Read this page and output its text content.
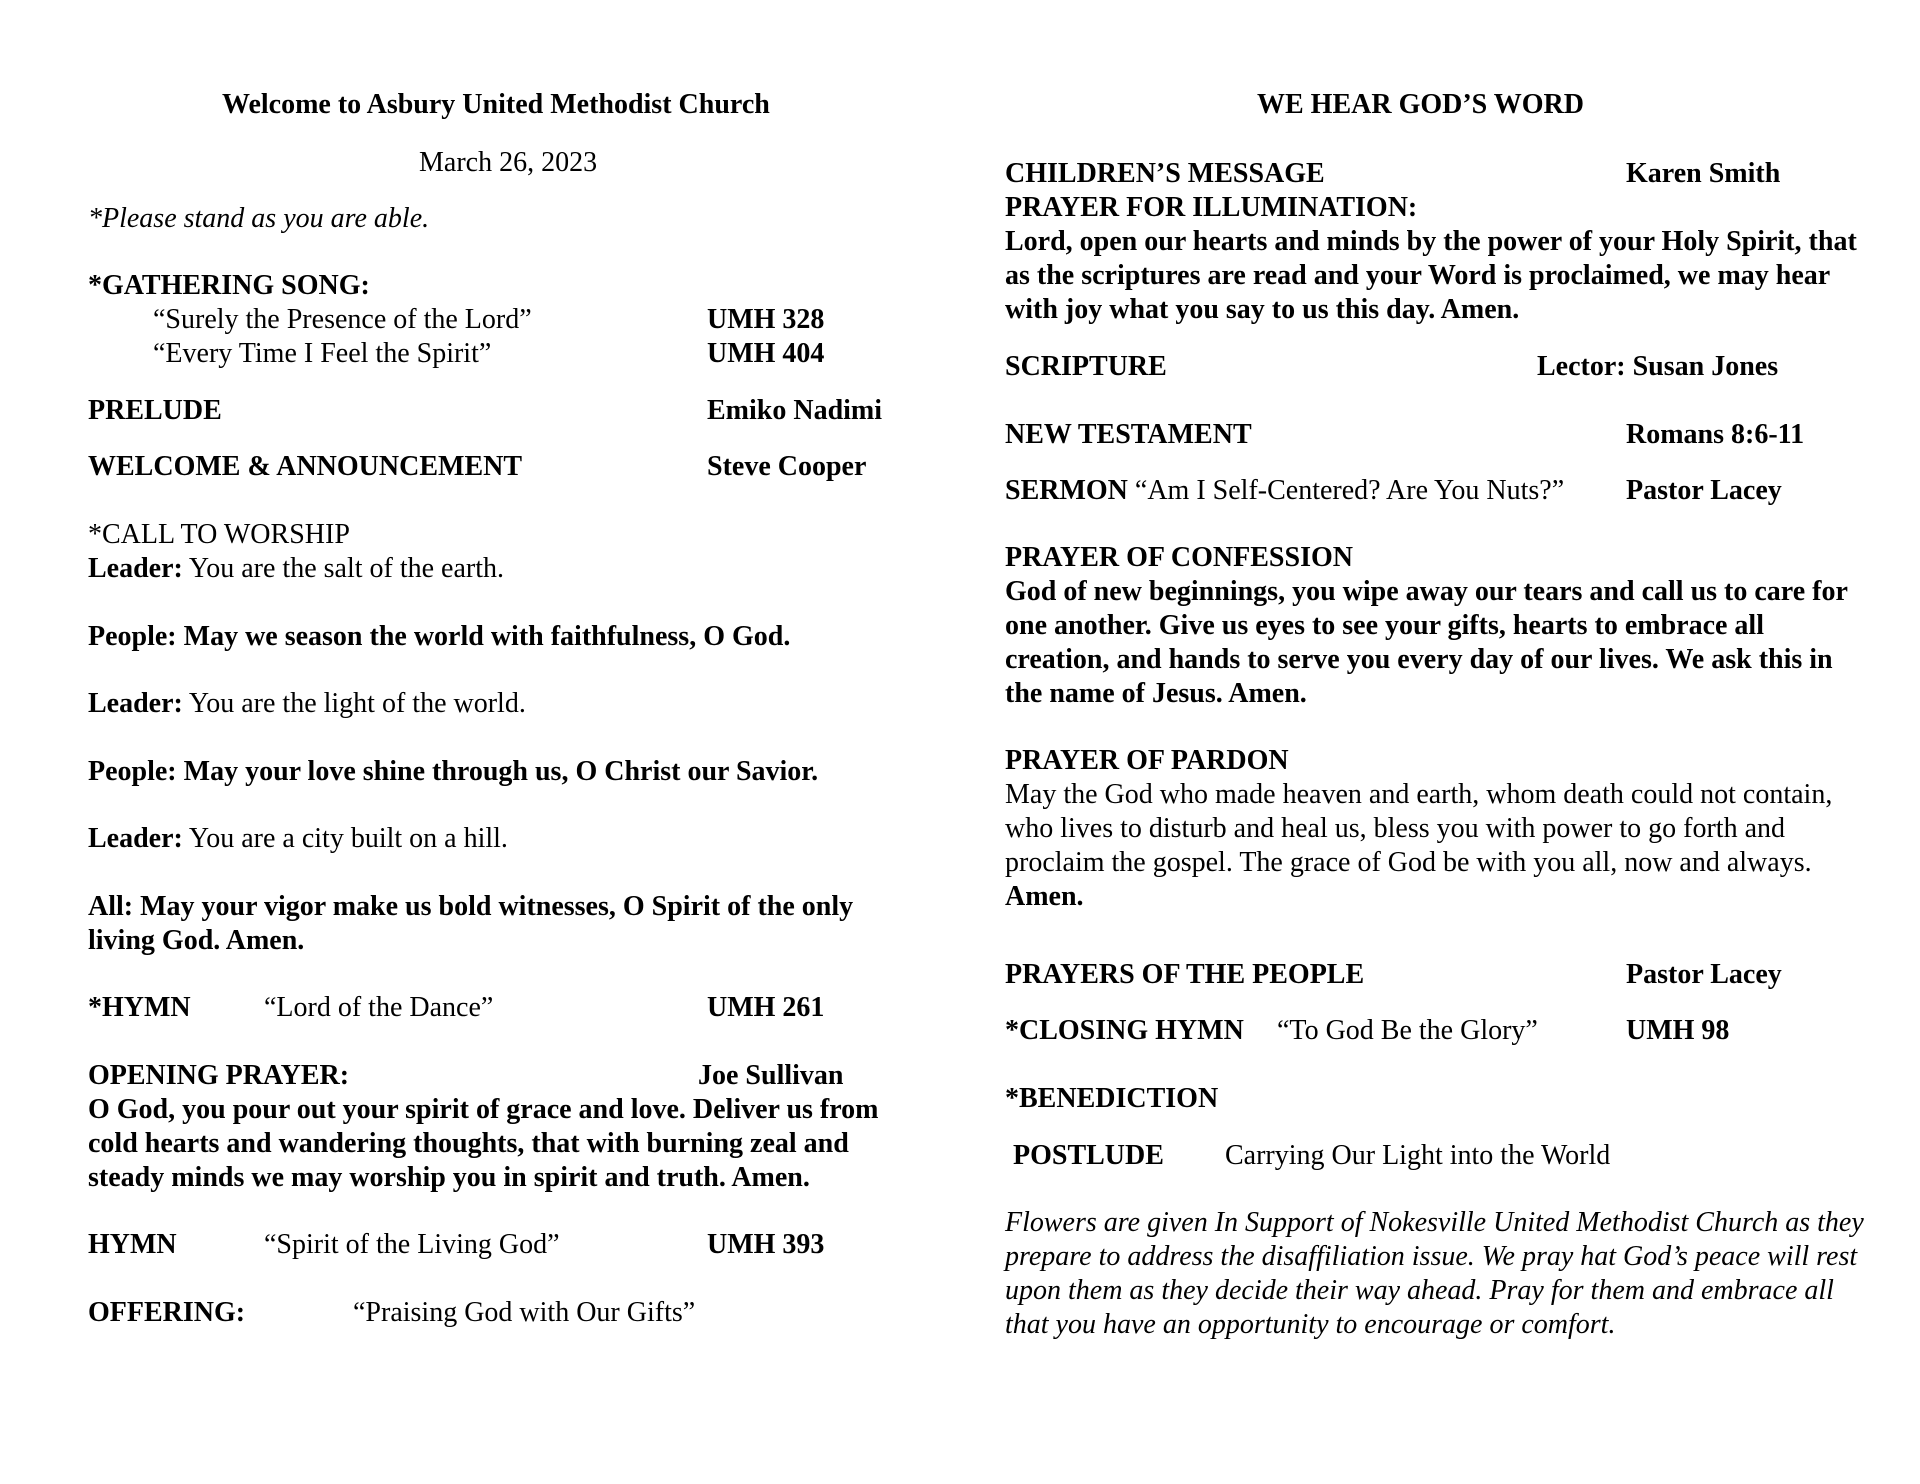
Welcome to Asbury United Methodist Church
March 26, 2023
*Please stand as you are able.
*GATHERING SONG:
“Surely the Presence of the Lord”	UMH 328
“Every Time I Feel the Spirit”	UMH 404
PRELUDE	Emiko Nadimi
WELCOME & ANNOUNCEMENT	Steve Cooper
*CALL TO WORSHIP
Leader: You are the salt of the earth.
People: May we season the world with faithfulness, O God.
Leader: You are the light of the world.
People: May your love shine through us, O Christ our Savior.
Leader: You are a city built on a hill.
All: May your vigor make us bold witnesses, O Spirit of the only living God. Amen.
*HYMN	“Lord of the Dance”	UMH 261
OPENING PRAYER:	Joe Sullivan
O God, you pour out your spirit of grace and love. Deliver us from cold hearts and wandering thoughts, that with burning zeal and steady minds we may worship you in spirit and truth. Amen.
HYMN	“Spirit of the Living God”	UMH 393
OFFERING:	“Praising God with Our Gifts”
WE HEAR GOD’S WORD
CHILDREN’S MESSAGE	Karen Smith
PRAYER FOR ILLUMINATION:
Lord, open our hearts and minds by the power of your Holy Spirit, that as the scriptures are read and your Word is proclaimed, we may hear with joy what you say to us this day. Amen.
SCRIPTURE	Lector: Susan Jones
NEW TESTAMENT	Romans 8:6-11
SERMON “Am I Self-Centered? Are You Nuts?” Pastor Lacey
PRAYER OF CONFESSION
God of new beginnings, you wipe away our tears and call us to care for one another. Give us eyes to see your gifts, hearts to embrace all creation, and hands to serve you every day of our lives. We ask this in the name of Jesus. Amen.
PRAYER OF PARDON
May the God who made heaven and earth, whom death could not contain, who lives to disturb and heal us, bless you with power to go forth and proclaim the gospel. The grace of God be with you all, now and always. Amen.
PRAYERS OF THE PEOPLE	Pastor Lacey
*CLOSING HYMN “To God Be the Glory”	UMH 98
*BENEDICTION
POSTLUDE Carrying Our Light into the World
Flowers are given In Support of Nokesville United Methodist Church as they prepare to address the disaffiliation issue. We pray hat God’s peace will rest upon them as they decide their way ahead. Pray for them and embrace all that you have an opportunity to encourage or comfort.
